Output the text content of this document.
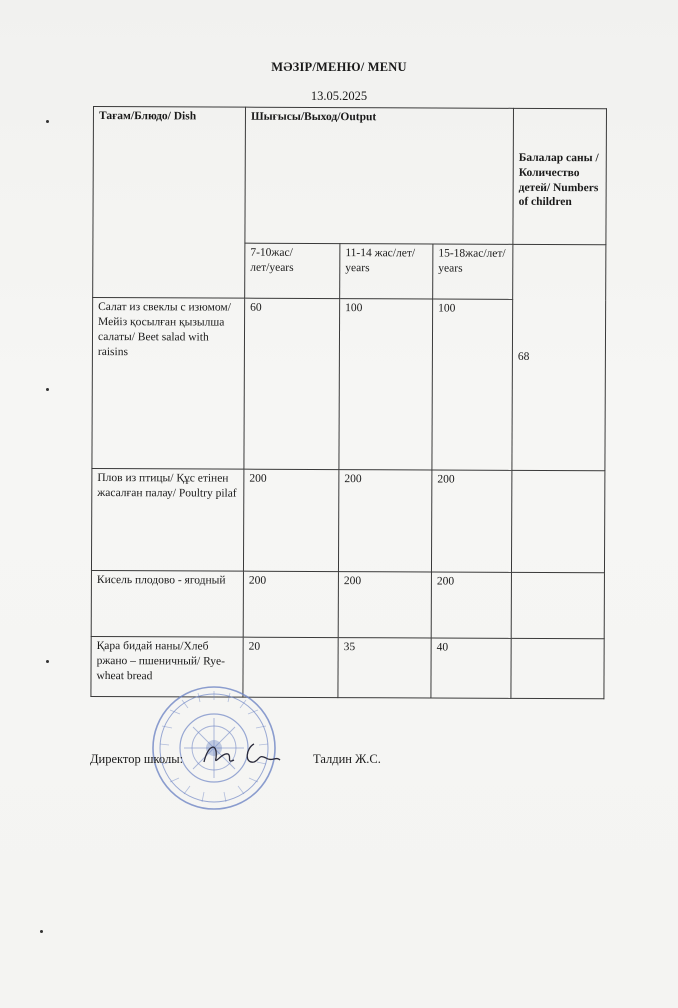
МӘЗІР/МЕНЮ/ MENU
13.05.2025
Тағам/Блюдо/ Dish	Шығысы/Выход/Output			Балалар саны /Количество детей/ Numbers of children
	7-10жас/лет/years	11-14 жас/лет/ years	15-18жас/лет/ years	68
Салат из свеклы с изюмом/ Мейіз қосылған қызылша салаты/ Beet salad with raisins	60	100	100	
Плов из птицы/ Құс етінен жасалған палау/ Poultry pilaf	200	200	200	
Кисель плодово - ягодный	200	200	200	
Қара бидай наны/Хлеб ржано – пшеничный/ Rye-wheat bread	20	35	40	
Директор школы:	Талдин Ж.С.
